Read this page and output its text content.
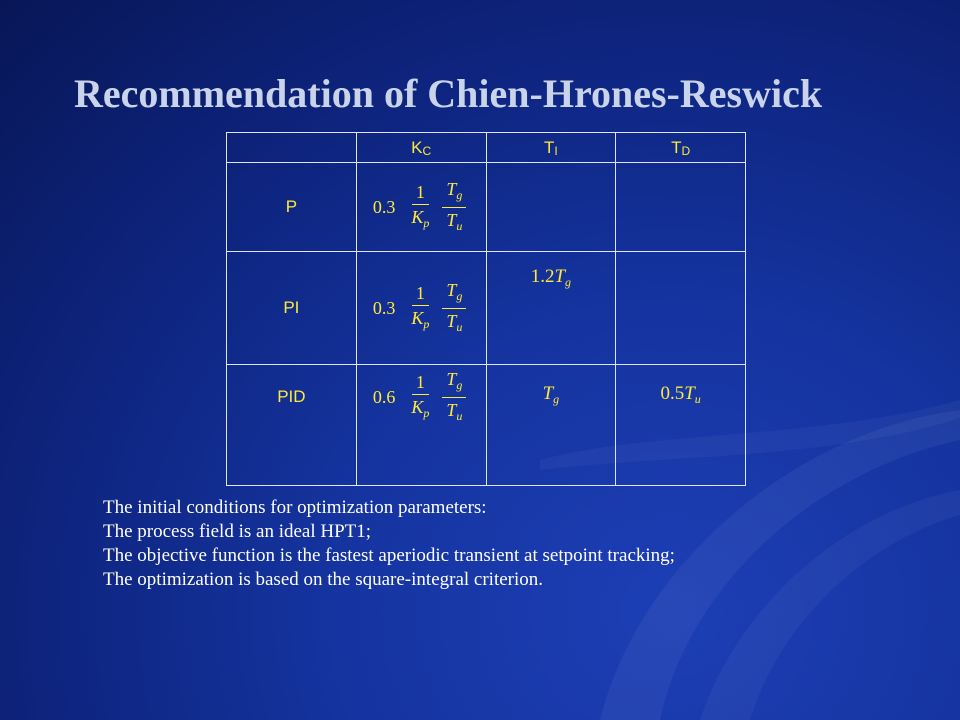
Recommendation of Chien-Hrones-Reswick
	$K_C$	$T_I$	$T_D$
P	$0.3 \frac{1}{K_p} \frac{T_g}{T_u}$

PI	$0.3 \frac{1}{K_p} \frac{T_g}{T_u}$	$1.2T_g$	
PID	$0.6 \frac{1}{K_p} \frac{T_g}{T_u}$	$T_g$	$0.5T_u$
The initial conditions for optimization parameters:
The process field is an ideal HPT1;
The objective function is the fastest aperiodic transient at setpoint tracking;
The optimization is based on the square-integral criterion.
